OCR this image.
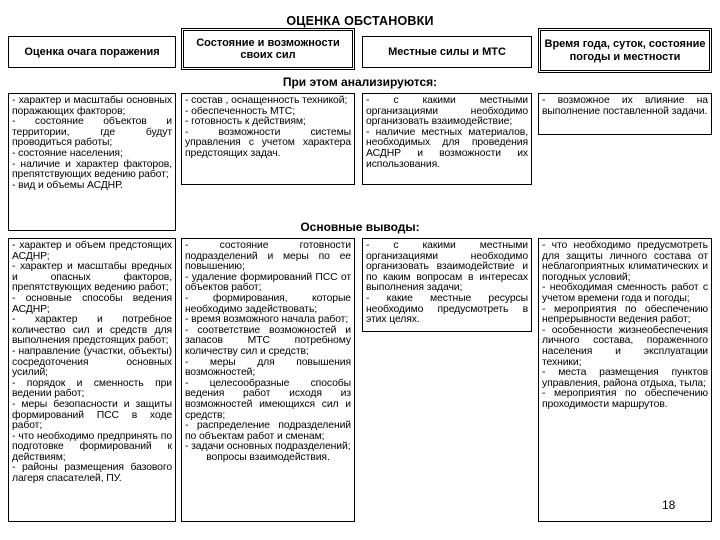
ОЦЕНКА ОБСТАНОВКИ
Оценка очага поражения
Состояние и возможности своих сил	Местные силы и МТС
Время года, суток, состояние погоды и местности
При этом анализируются:
- характер и масштабы основных поражающих факторов;
- состояние объектов и территории, где будут проводиться работы;
- состояние населения;
- наличие и характер факторов, препятствующих ведению работ;
- вид и объемы АСДНР.
- состав , оснащенность техникой;
- обеспеченность МТС;
- готовность к действиям;
- возможности системы управления с учетом характера предстоящих задач.
- с какими местными организациями необходимо организовать взаимодействие;
- наличие местных материалов, необходимых для проведения АСДНР и возможности их использования.
- возможное их влияние на выполнение поставленной задачи.
Основные выводы:
- характер и объем предстоящих АСДНР;
- характер и масштабы вредных и опасных факторов, препятствующих ведению работ;
- основные способы ведения АСДНР;
- характер и потребное количество сил и средств для выполнения предстоящих работ;
- направление (участки, объекты) сосредоточения основных усилий;
- порядок и сменность при ведении работ;
- меры безопасности и защиты формирований ПСС в ходе работ;
- что необходимо предпринять по подготовке формирований к действиям;
- районы размещения базового лагеря спасателей, ПУ.
- состояние готовности подразделений и меры по ее повышению;
- удаление формирований ПСС от объектов работ;
- формирования, которые необходимо задействовать;
- время возможного начала работ;
- соответствие возможностей и запасов МТС потребному количеству сил и средств;
- меры для повышения возможностей;
- целесообразные способы ведения работ исходя из возможностей имеющихся сил и средств;
- распределение подразделений по объектам работ и сменам;
- задачи основных подразделений;
вопросы взаимодействия.
- с какими местными организациями необходимо организовать взаимодействие и по каким вопросам в интересах выполнения задачи;
- какие местные ресурсы необходимо предусмотреть в этих целях.
- что необходимо предусмотреть для защиты личного состава от неблагоприятных климатических и погодных условий;
- необходимая сменность работ с учетом времени года и погоды;
- мероприятия по обеспечению непрерывности ведения работ;
- особенности жизнеобеспечения личного состава, пораженного населения и эксплуатации техники;
- места размещения пунктов управления, района отдыха, тыла;
- мероприятия по обеспечению проходимости маршрутов.
18
